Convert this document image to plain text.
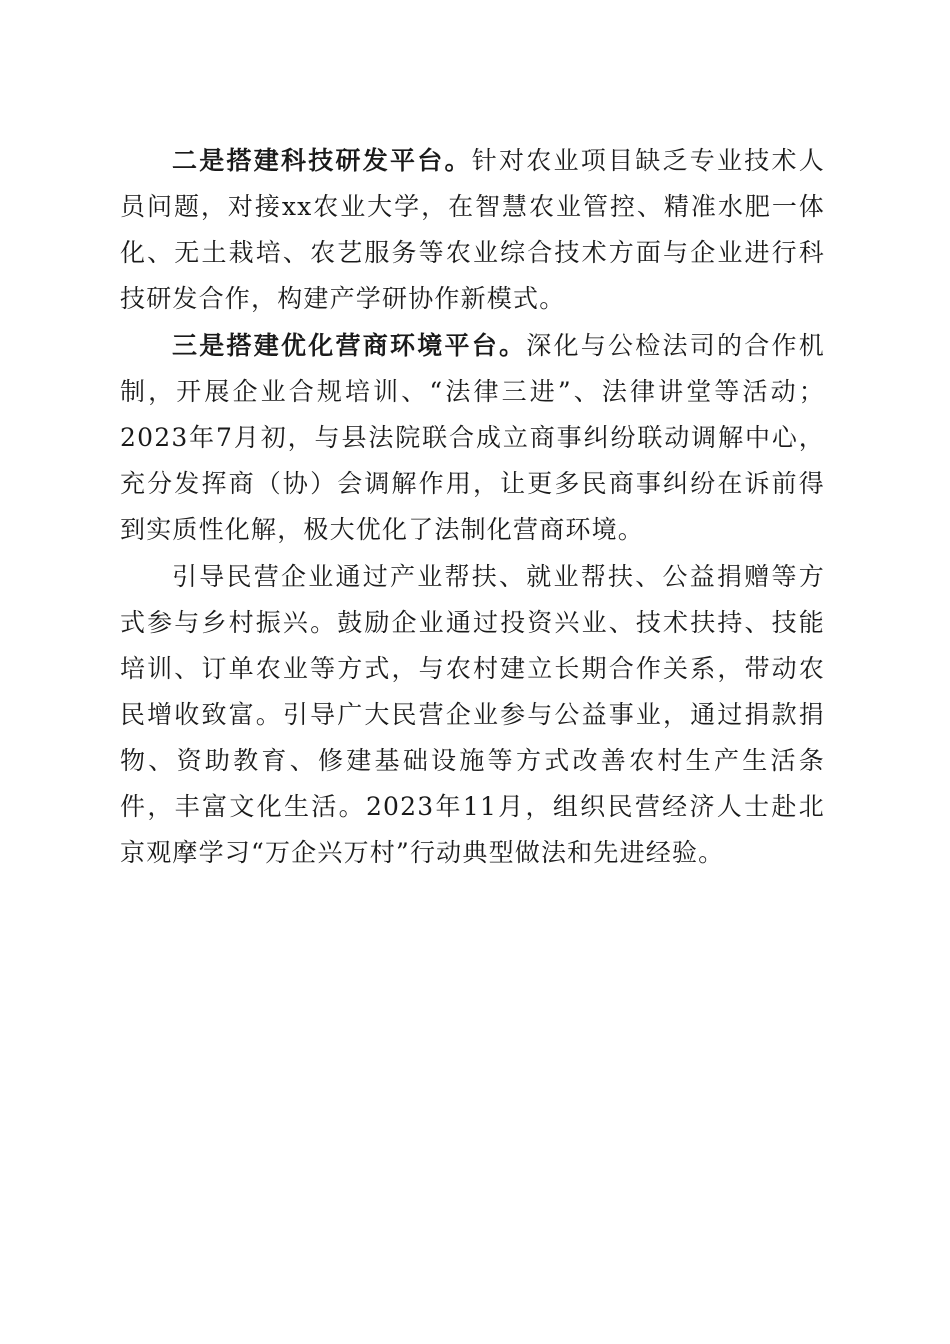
二是搭建科技研发平台。针对农业项目缺乏专业技术人员问题，对接xx农业大学，在智慧农业管控、精准水肥一体化、无土栽培、农艺服务等农业综合技术方面与企业进行科技研发合作，构建产学研协作新模式。

三是搭建优化营商环境平台。深化与公检法司的合作机制，开展企业合规培训、“法律三进”、法律讲堂等活动；2023年7月初，与县法院联合成立商事纠纷联动调解中心，充分发挥商（协）会调解作用，让更多民商事纠纷在诉前得到实质性化解，极大优化了法制化营商环境。

引导民营企业通过产业帮扶、就业帮扶、公益捐赠等方式参与乡村振兴。鼓励企业通过投资兴业、技术扶持、技能培训、订单农业等方式，与农村建立长期合作关系，带动农民增收致富。引导广大民营企业参与公益事业，通过捐款捐物、资助教育、修建基础设施等方式改善农村生产生活条件，丰富文化生活。2023年11月，组织民营经济人士赴北京观摩学习“万企兴万村”行动典型做法和先进经验。
